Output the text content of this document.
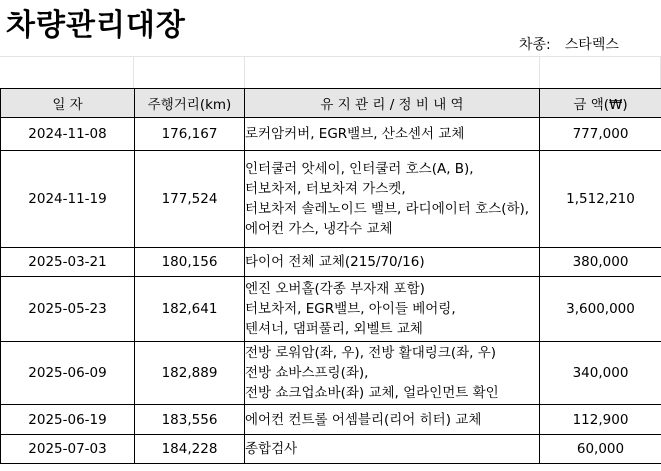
차량관리대장
차종: 스타렉스
일 자	주행거리(km)	유 지 관 리 / 정 비 내 역	금 액(₩)
2024-11-08	176,167	로커암커버, EGR밸브, 산소센서 교체	777,000
2024-11-19	177,524	인터쿨러 앗세이, 인터쿨러 호스(A, B),
터보차저, 터보차져 가스켓,
터보차저 솔레노이드 밸브, 라디에이터 호스(하),
에어컨 가스, 냉각수 교체	1,512,210
2025-03-21	180,156	타이어 전체 교체(215/70/16)	380,000
2025-05-23	182,641	엔진 오버홀(각종 부자재 포함)
터보차저, EGR밸브, 아이들 베어링,
텐셔너, 댐퍼풀리, 외벨트 교체	3,600,000
2025-06-09	182,889	전방 로워암(좌, 우), 전방 활대링크(좌, 우)
전방 쇼바스프링(좌),
전방 쇼크업쇼바(좌) 교체, 얼라인먼트 확인	340,000
2025-06-19	183,556	에어컨 컨트롤 어셈블리(리어 히터) 교체	112,900
2025-07-03	184,228	종합검사	60,000
